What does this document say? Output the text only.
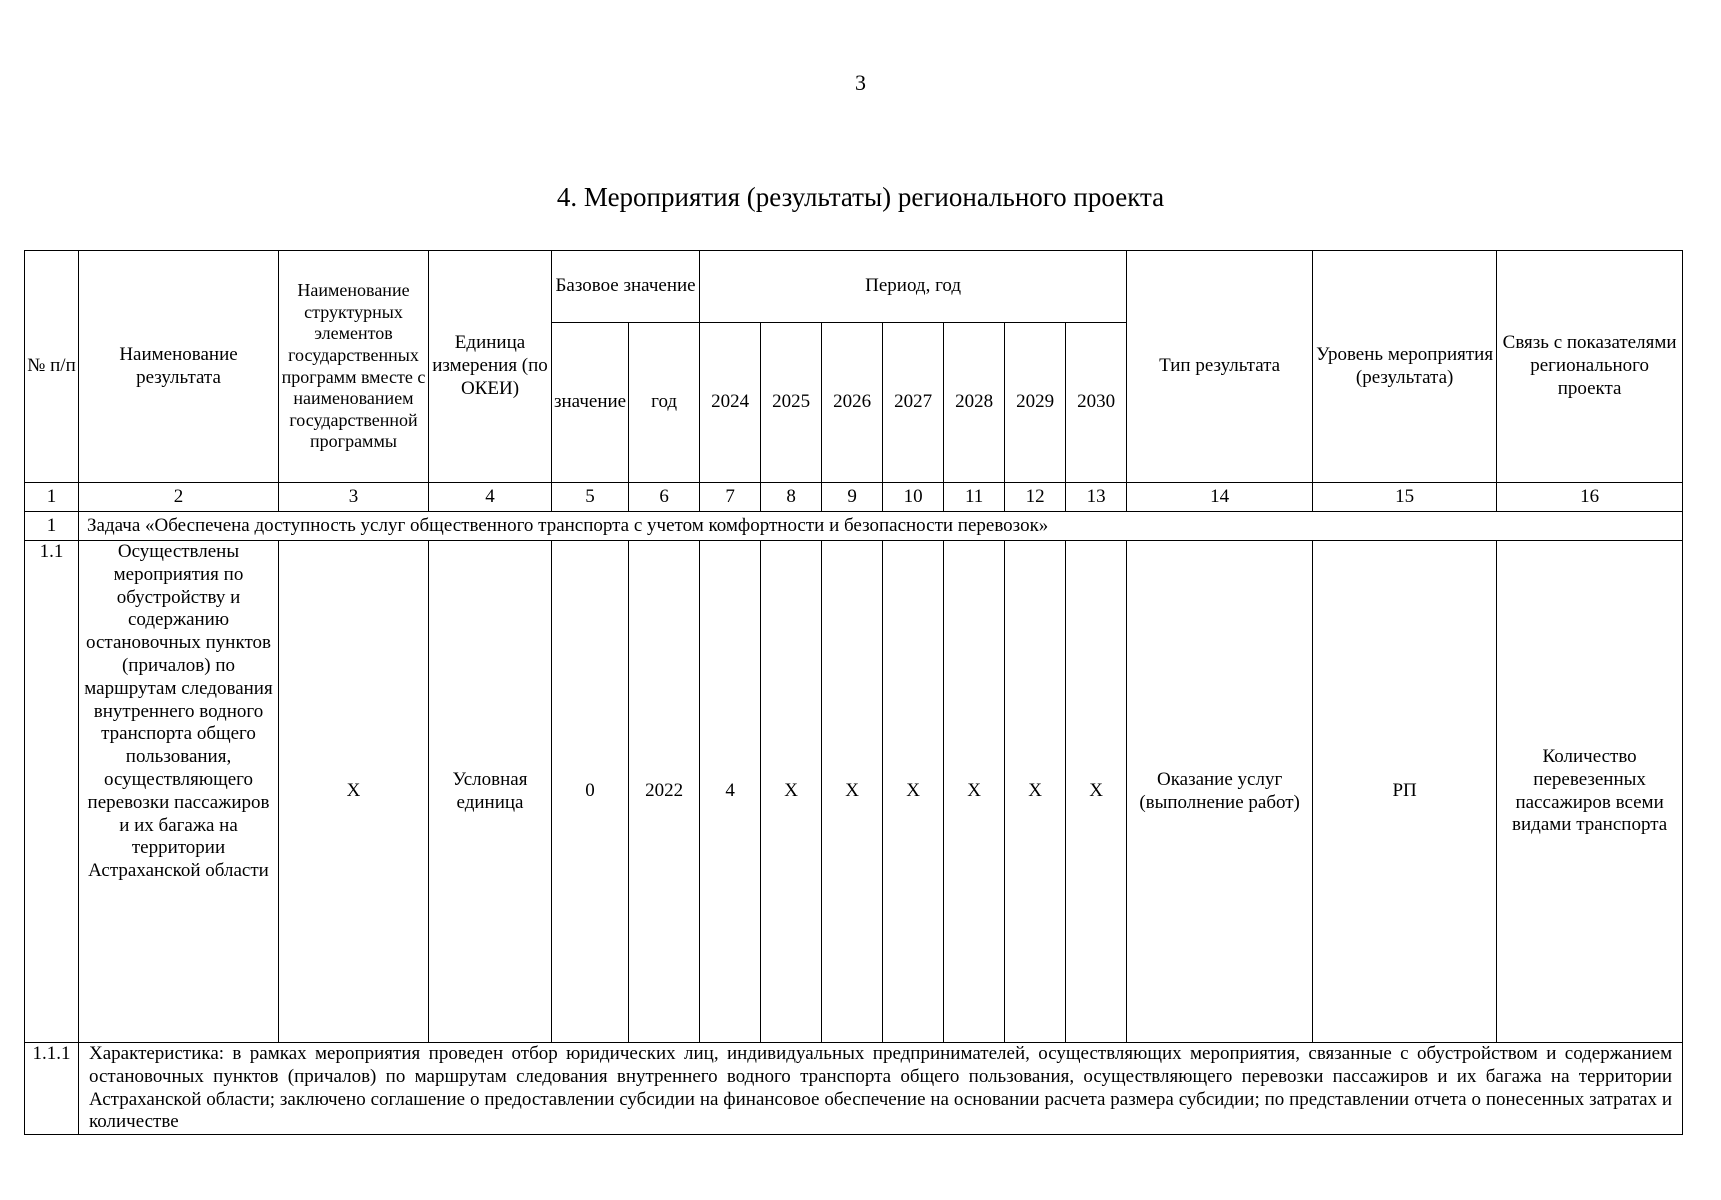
3
4. Мероприятия (результаты) регионального проекта
№ п/п	Наименование результата	Наименование структурных элементов государственных программ вместе с наименованием государственной программы	Единица измерения (по ОКЕИ)	Базовое значение		Период, год							Тип результата	Уровень мероприятия (результата)	Связь с показателями регионального проекта
				значение	год	2024	2025	2026	2027	2028	2029	2030			
1	2	3	4	5	6	7	8	9	10	11	12	13	14	15	16
1	Задача «Обеспечена доступность услуг общественного транспорта с учетом комфортности и безопасности перевозок»														
1.1	Осуществлены мероприятия по обустройству и содержанию остановочных пунктов (причалов) по маршрутам следования внутреннего водного транспорта общего пользования, осуществляющего перевозки пассажиров и их багажа на территории Астраханской области	X	Условная единица	0	2022	4	X	X	X	X	X	X	Оказание услуг (выполнение работ)	РП	Количество перевезенных пассажиров всеми видами транспорта
1.1.1	Характеристика: в рамках мероприятия проведен отбор юридических лиц, индивидуальных предпринимателей, осуществляющих мероприятия, связанные с обустройством и содержанием остановочных пунктов (причалов) по маршрутам следования внутреннего водного транспорта общего пользования, осуществляющего перевозки пассажиров и их багажа на территории Астраханской области; заключено соглашение о предоставлении субсидии на финансовое обеспечение на основании расчета размера субсидии; по представлении отчета о понесенных затратах и количестве														
